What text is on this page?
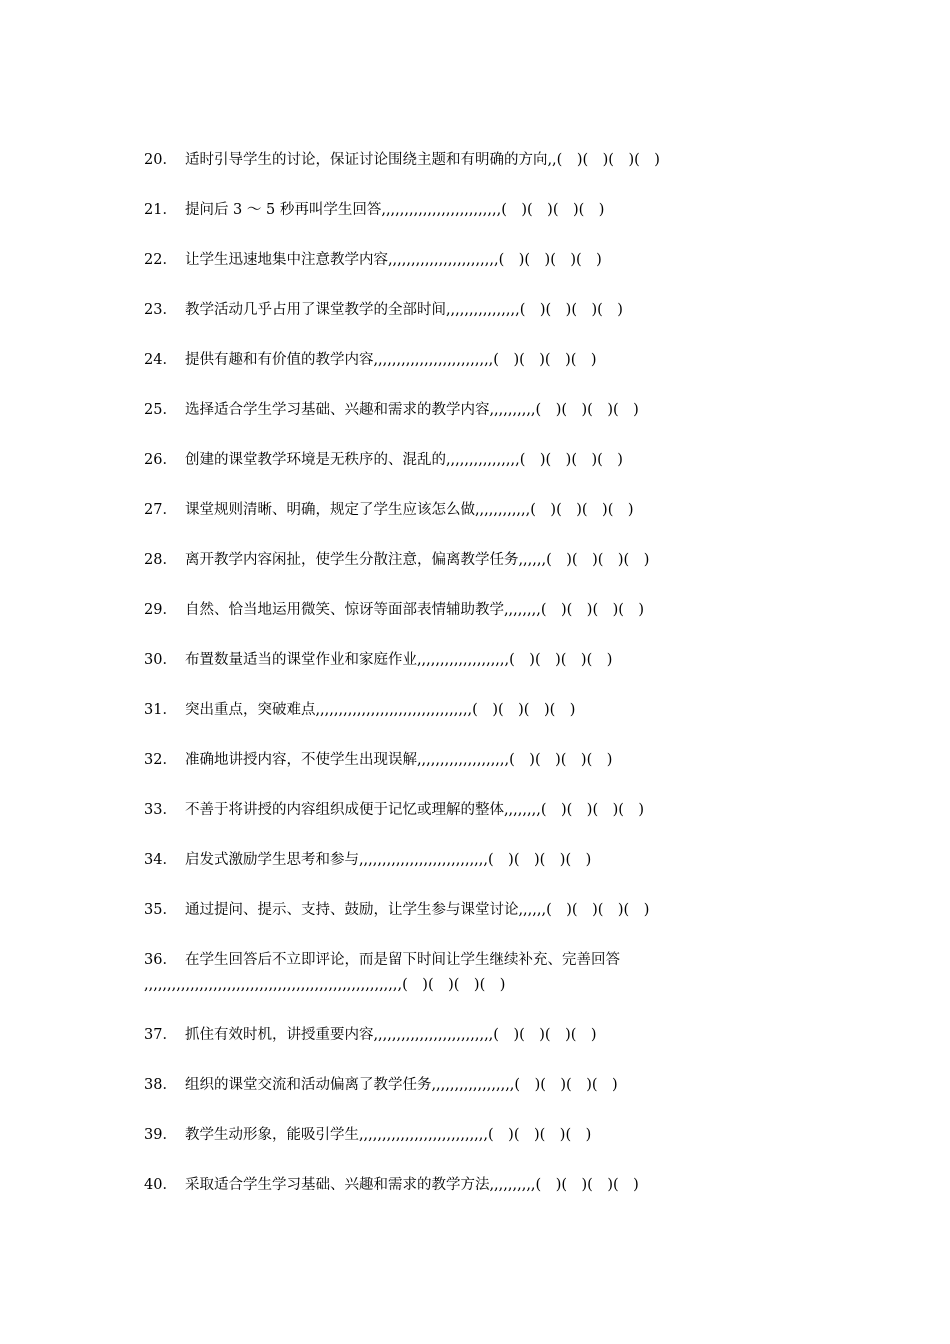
20． 适时引导学生的讨论，保证讨论围绕主题和有明确的方向,,(　)(　)(　)(　)
21． 提问后 3 ～ 5 秒再叫学生回答,,,,,,,,,,,,,,,,,,,,,,,,,,(　)(　)(　)(　)
22． 让学生迅速地集中注意教学内容,,,,,,,,,,,,,,,,,,,,,,,,(　)(　)(　)(　)
23． 教学活动几乎占用了课堂教学的全部时间,,,,,,,,,,,,,,,,(　)(　)(　)(　)
24． 提供有趣和有价值的教学内容,,,,,,,,,,,,,,,,,,,,,,,,,,(　)(　)(　)(　)
25． 选择适合学生学习基础、兴趣和需求的教学内容,,,,,,,,,,(　)(　)(　)(　)
26． 创建的课堂教学环境是无秩序的、混乱的,,,,,,,,,,,,,,,,(　)(　)(　)(　)
27． 课堂规则清晰、明确，规定了学生应该怎么做,,,,,,,,,,,,(　)(　)(　)(　)
28． 离开教学内容闲扯，使学生分散注意，偏离教学任务,,,,,,(　)(　)(　)(　)
29． 自然、恰当地运用微笑、惊讶等面部表情辅助教学,,,,,,,,(　)(　)(　)(　)
30． 布置数量适当的课堂作业和家庭作业,,,,,,,,,,,,,,,,,,,,(　)(　)(　)(　)
31． 突出重点，突破难点,,,,,,,,,,,,,,,,,,,,,,,,,,,,,,,,,,(　)(　)(　)(　)
32． 准确地讲授内容，不使学生出现误解,,,,,,,,,,,,,,,,,,,,(　)(　)(　)(　)
33． 不善于将讲授的内容组织成便于记忆或理解的整体,,,,,,,,(　)(　)(　)(　)
34． 启发式激励学生思考和参与,,,,,,,,,,,,,,,,,,,,,,,,,,,,(　)(　)(　)(　)
35． 通过提问、提示、支持、鼓励，让学生参与课堂讨论,,,,,,(　)(　)(　)(　)
36． 在学生回答后不立即评论，而是留下时间让学生继续补充、完善回答
,,,,,,,,,,,,,,,,,,,,,,,,,,,,,,,,,,,,,,,,,,,,,,,,,,,,,,,,(　)(　)(　)(　)
37． 抓住有效时机，讲授重要内容,,,,,,,,,,,,,,,,,,,,,,,,,,(　)(　)(　)(　)
38． 组织的课堂交流和活动偏离了教学任务,,,,,,,,,,,,,,,,,,(　)(　)(　)(　)
39． 教学生动形象，能吸引学生,,,,,,,,,,,,,,,,,,,,,,,,,,,,(　)(　)(　)(　)
40． 采取适合学生学习基础、兴趣和需求的教学方法,,,,,,,,,,(　)(　)(　)(　)
